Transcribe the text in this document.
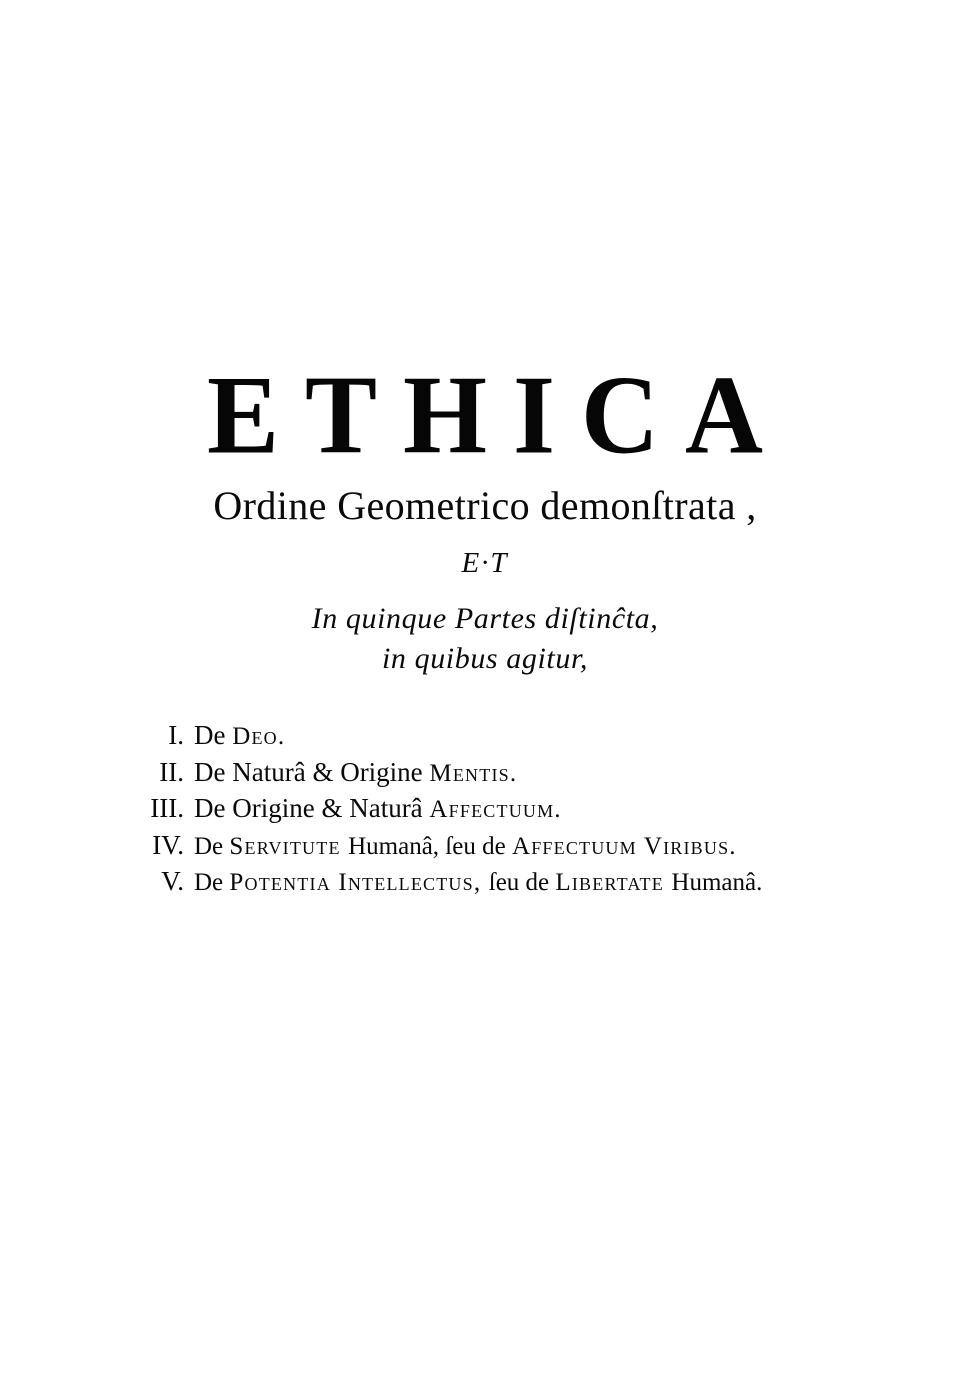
ETHICA
Ordine Geometrico demonſtrata ,
E·T
In quinque Partes diſtinĉta,
in quibus agitur,
I. De Deo.
II. De Naturâ & Origine Mentis.
III. De Origine & Naturâ Affectuum.
IV. De Servitute Humanâ, ſeu de Affectuum Viribus.
V. De Potentia Intellectus, ſeu de Libertate Humanâ.
